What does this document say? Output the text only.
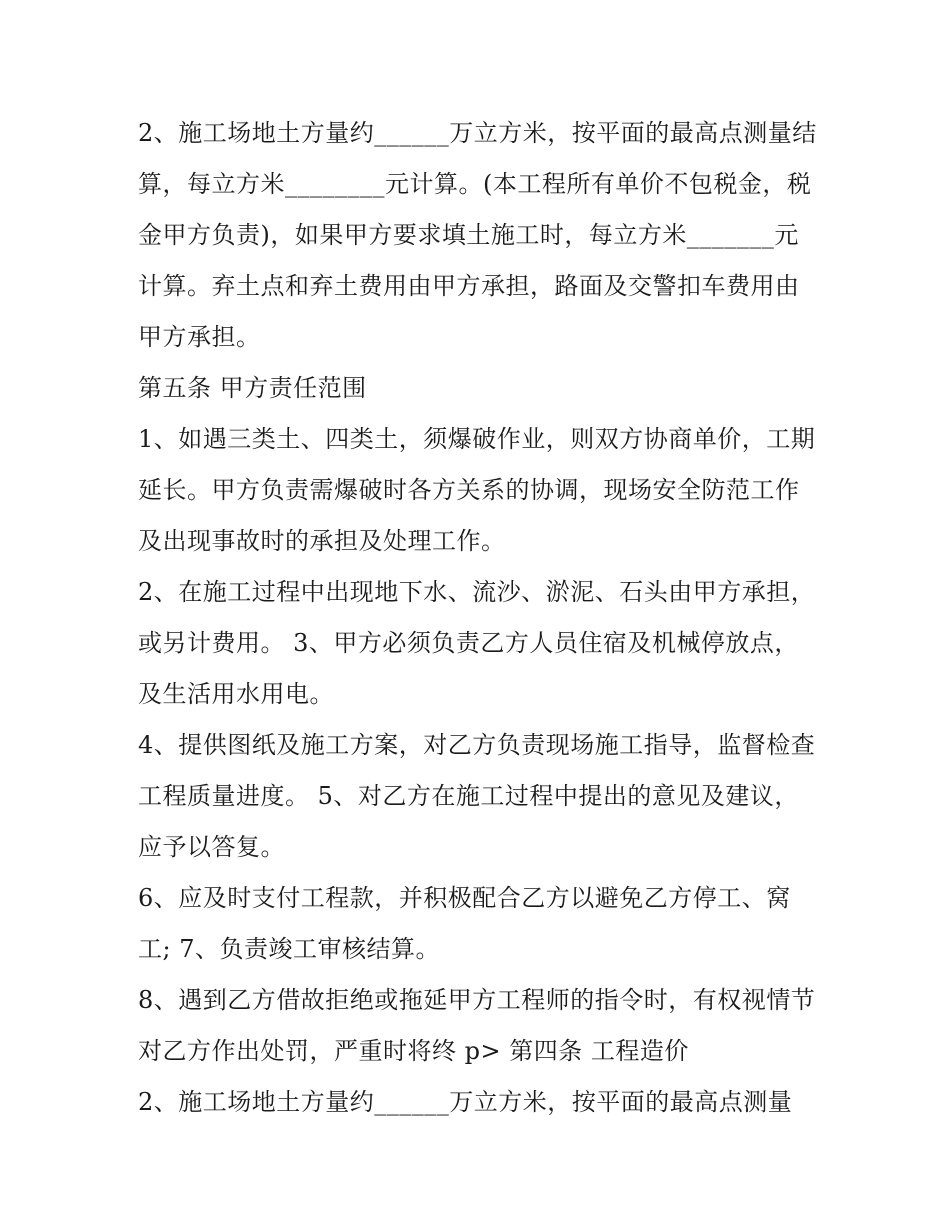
2、施工场地土方量约______万立方米，按平面的最高点测量结算，每立方米________元计算。(本工程所有单价不包税金，税金甲方负责)，如果甲方要求填土施工时，每立方米_______元计算。弃土点和弃土费用由甲方承担，路面及交警扣车费用由甲方承担。

第五条 甲方责任范围

1、如遇三类土、四类土，须爆破作业，则双方协商单价，工期延长。甲方负责需爆破时各方关系的协调，现场安全防范工作及出现事故时的承担及处理工作。

2、在施工过程中出现地下水、流沙、淤泥、石头由甲方承担，或另计费用。 3、甲方必须负责乙方人员住宿及机械停放点，及生活用水用电。

4、提供图纸及施工方案，对乙方负责现场施工指导，监督检查工程质量进度。 5、对乙方在施工过程中提出的意见及建议，应予以答复。

6、应及时支付工程款，并积极配合乙方以避免乙方停工、窝工; 7、负责竣工审核结算。

8、遇到乙方借故拒绝或拖延甲方工程师的指令时，有权视情节对乙方作出处罚，严重时将终 p> 第四条 工程造价

2、施工场地土方量约______万立方米，按平面的最高点测量
